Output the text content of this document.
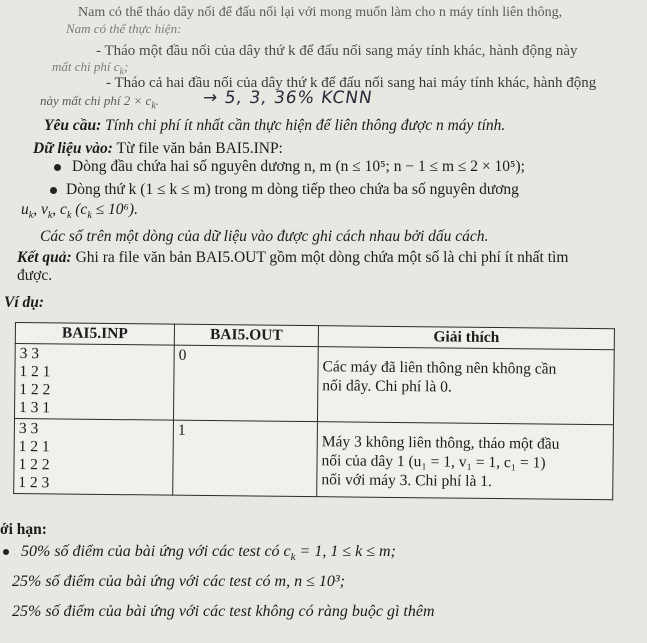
Nam có thể tháo dây nối để đấu nối lại với mong muốn làm cho n máy tính liên thông,
Nam có thể thực hiện:
- Tháo một đầu nối của dây thứ k để đấu nối sang máy tính khác, hành động này
mất chi phí $c_k$;
- Tháo cả hai đầu nối của dây thứ k để đấu nối sang hai máy tính khác, hành động
này mất chi phí $2 \times c_k$.	→ 5, 3, 36% KCNN
Yêu cầu: Tính chi phí ít nhất cần thực hiện để liên thông được n máy tính.
Dữ liệu vào: Từ file văn bản BAI5.INP:
Dòng đầu chứa hai số nguyên dương n, m (n ≤ 10⁵; n − 1 ≤ m ≤ 2 × 10⁵);
Dòng thứ k (1 ≤ k ≤ m) trong m dòng tiếp theo chứa ba số nguyên dương
$u_k$, $v_k$, $c_k$ $(c_k \le 10^6)$.
Các số trên một dòng của dữ liệu vào được ghi cách nhau bởi dấu cách.
Kết quả: Ghi ra file văn bản BAI5.OUT gồm một dòng chứa một số là chi phí ít nhất tìm
được.
Ví dụ:
BAI5.INP	BAI5.OUT	Giải thích

3 3
1 2 1
1 2 2
1 3 1	0	Các máy đã liên thông nên không cần
nối dây. Chi phí là 0.

3 3
1 2 1
1 2 2
1 2 3	1	Máy 3 không liên thông, tháo một đầu
nối của dây 1 (u₁ = 1, v₁ = 1, c₁ = 1)
nối với máy 3. Chi phí là 1.
ới hạn:
50% số điểm của bài ứng với các test có $c_k = 1$, 1 ≤ k ≤ m;
25% số điểm của bài ứng với các test có m, n ≤ 10³;
25% số điểm của bài ứng với các test không có ràng buộc gì thêm
